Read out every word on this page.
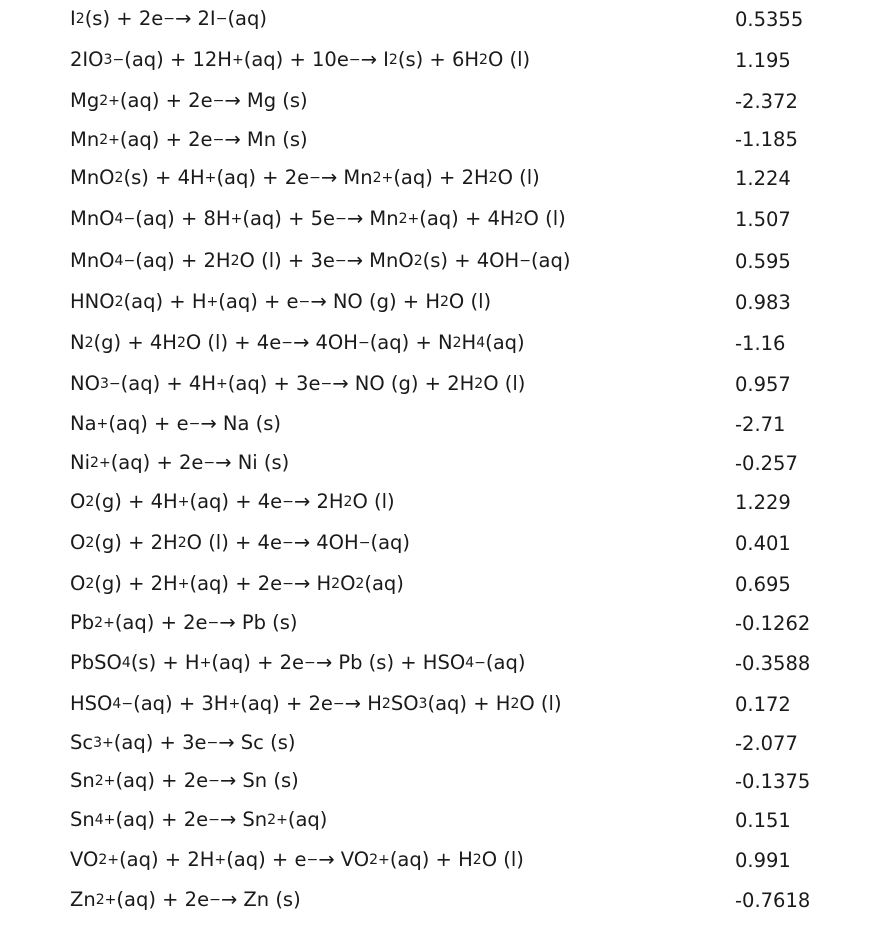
I 2 (s) + 2e − → 2I − (aq)	0.5355
2IO 3 − (aq) + 12H + (aq) + 10e − → I 2 (s) + 6H 2 O (l)	1.195
Mg 2+ (aq) + 2e − → Mg (s)	-2.372
Mn 2+ (aq) + 2e − → Mn (s)	-1.185
MnO 2 (s) + 4H + (aq) + 2e − → Mn 2+ (aq) + 2H 2 O (l)	1.224
MnO 4 − (aq) + 8H + (aq) + 5e − → Mn 2+ (aq) + 4H 2 O (l)	1.507
MnO 4 − (aq) + 2H 2 O (l) + 3e − → MnO 2 (s) + 4OH − (aq)	0.595
HNO 2 (aq) + H + (aq) + e − → NO (g) + H 2 O (l)	0.983
N 2 (g) + 4H 2 O (l) + 4e − → 4OH − (aq) + N 2 H 4 (aq)	-1.16
NO 3 − (aq) + 4H + (aq) + 3e − → NO (g) + 2H 2 O (l)	0.957
Na + (aq) + e − → Na (s)	-2.71
Ni 2+ (aq) + 2e − → Ni (s)	-0.257
O 2 (g) + 4H + (aq) + 4e − → 2H 2 O (l)	1.229
O 2 (g) + 2H 2 O (l) + 4e − → 4OH − (aq)	0.401
O 2 (g) + 2H + (aq) + 2e − → H 2 O 2 (aq)	0.695
Pb 2+ (aq) + 2e − → Pb (s)	-0.1262
PbSO 4 (s) + H + (aq) + 2e − → Pb (s) + HSO 4 − (aq)	-0.3588
HSO 4 − (aq) + 3H + (aq) + 2e − → H 2 SO 3 (aq) + H 2 O (l)	0.172
Sc 3+ (aq) + 3e − → Sc (s)	-2.077
Sn 2+ (aq) + 2e − → Sn (s)	-0.1375
Sn 4+ (aq) + 2e − → Sn 2+ (aq)	0.151
VO 2 + (aq) + 2H + (aq) + e − → VO 2+ (aq) + H 2 O (l)	0.991
Zn 2+ (aq) + 2e − → Zn (s)	-0.7618
